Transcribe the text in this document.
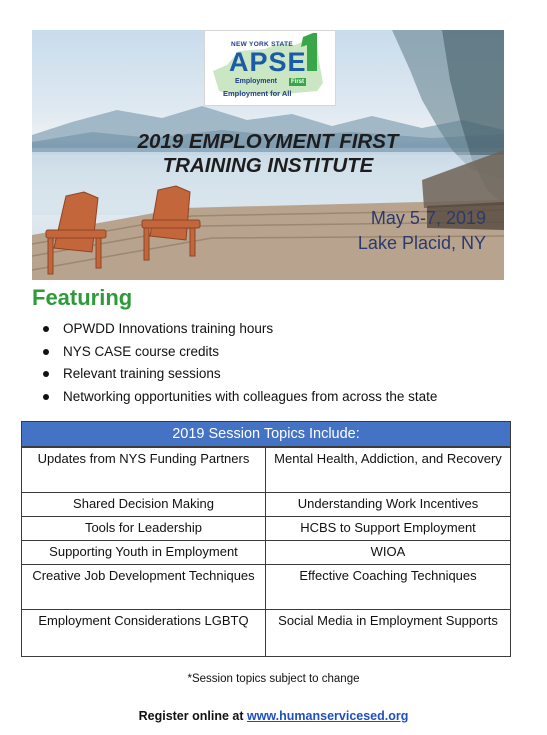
NEW YORK STATE
APSE
Employment	First
Employment for All
2019 EMPLOYMENT FIRST
TRAINING INSTITUTE
May 5-7, 2019
Lake Placid, NY
Featuring
OPWDD Innovations training hours
NYS CASE course credits
Relevant training sessions
Networking opportunities with colleagues from across the state
2019 Session Topics Include:
Updates from NYS Funding Partners	Mental Health, Addiction, and Recovery
Shared Decision Making	Understanding Work Incentives
Tools for Leadership	HCBS to Support Employment
Supporting Youth in Employment	WIOA
Creative Job Development Techniques	Effective Coaching Techniques
Employment Considerations LGBTQ	Social Media in Employment Supports
*Session topics subject to change
Register online at www.humanservicesed.org
